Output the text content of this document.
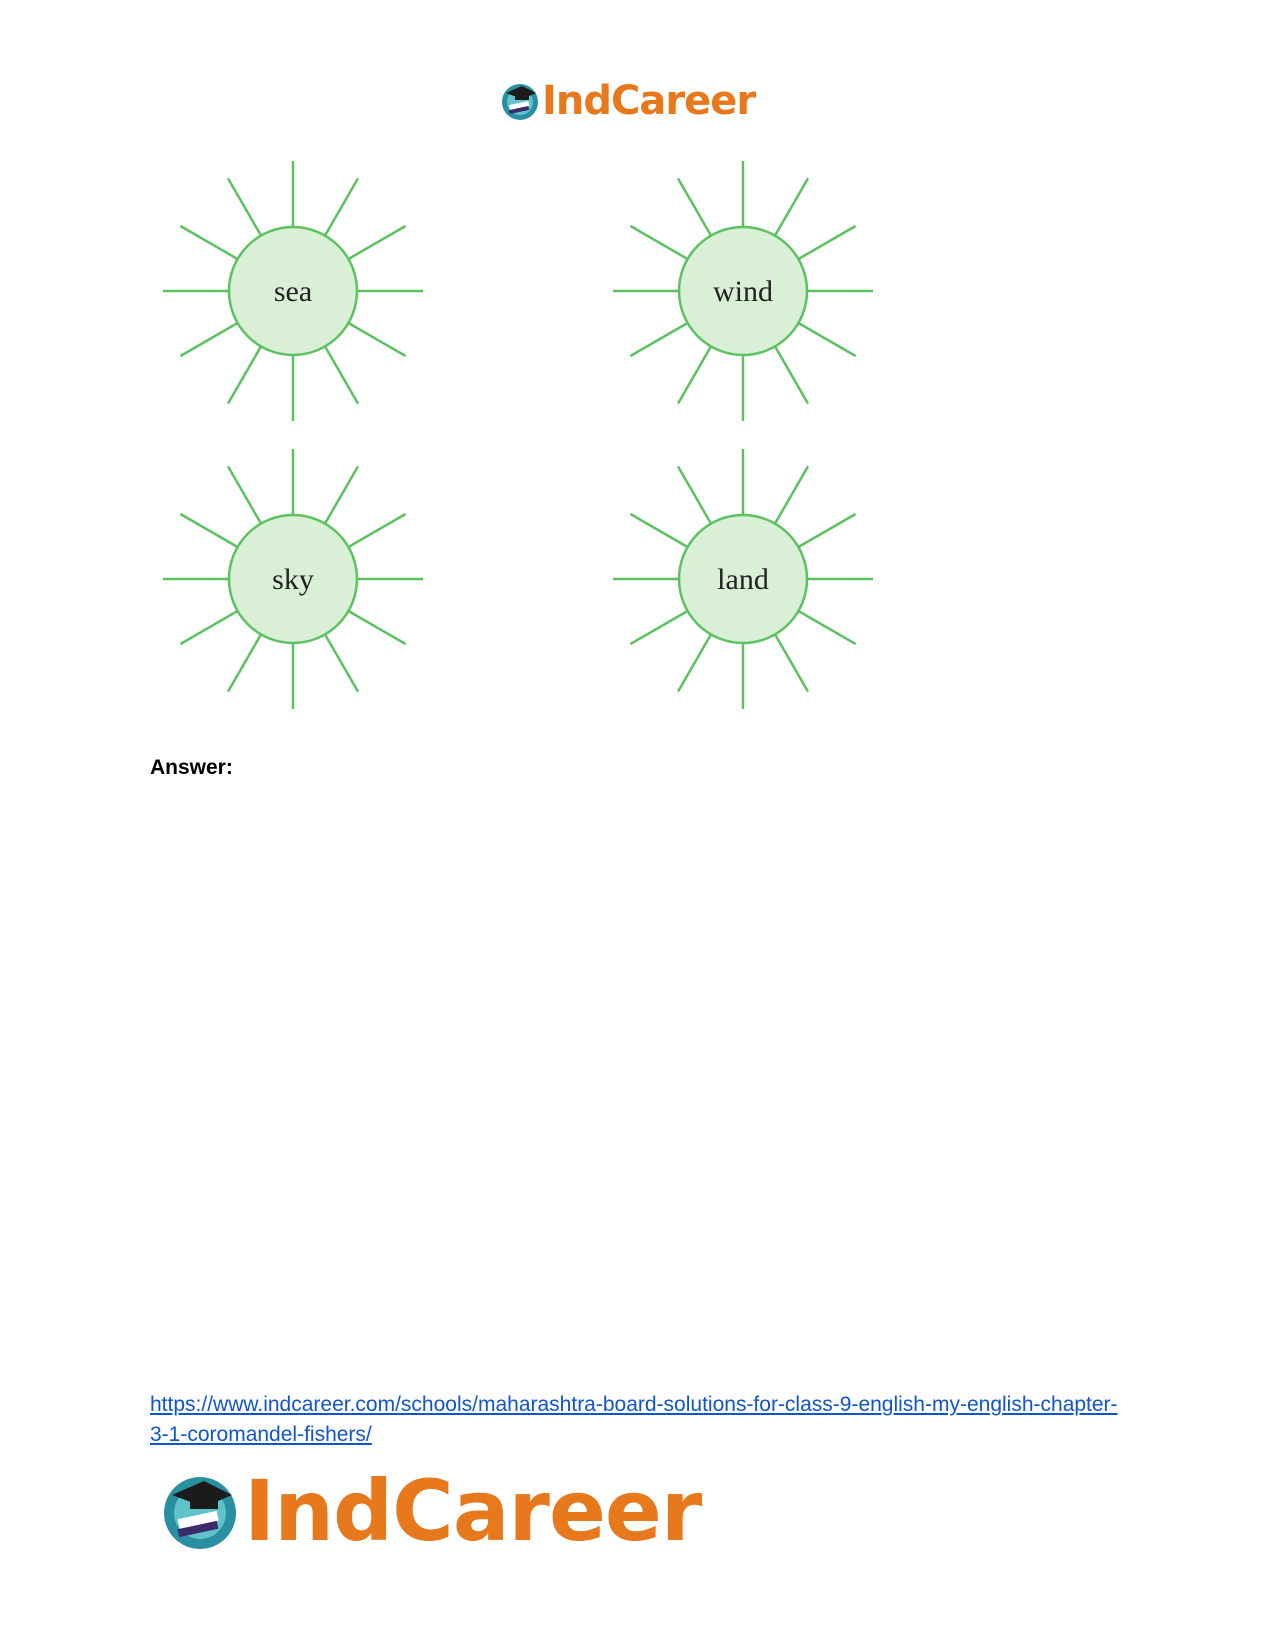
IndCareer
sea	wind
sky	land
Answer:
https://www.indcareer.com/schools/maharashtra-board-solutions-for-class-9-english-my-english-chapter-3-1-coromandel-fishers/
IndCareer
